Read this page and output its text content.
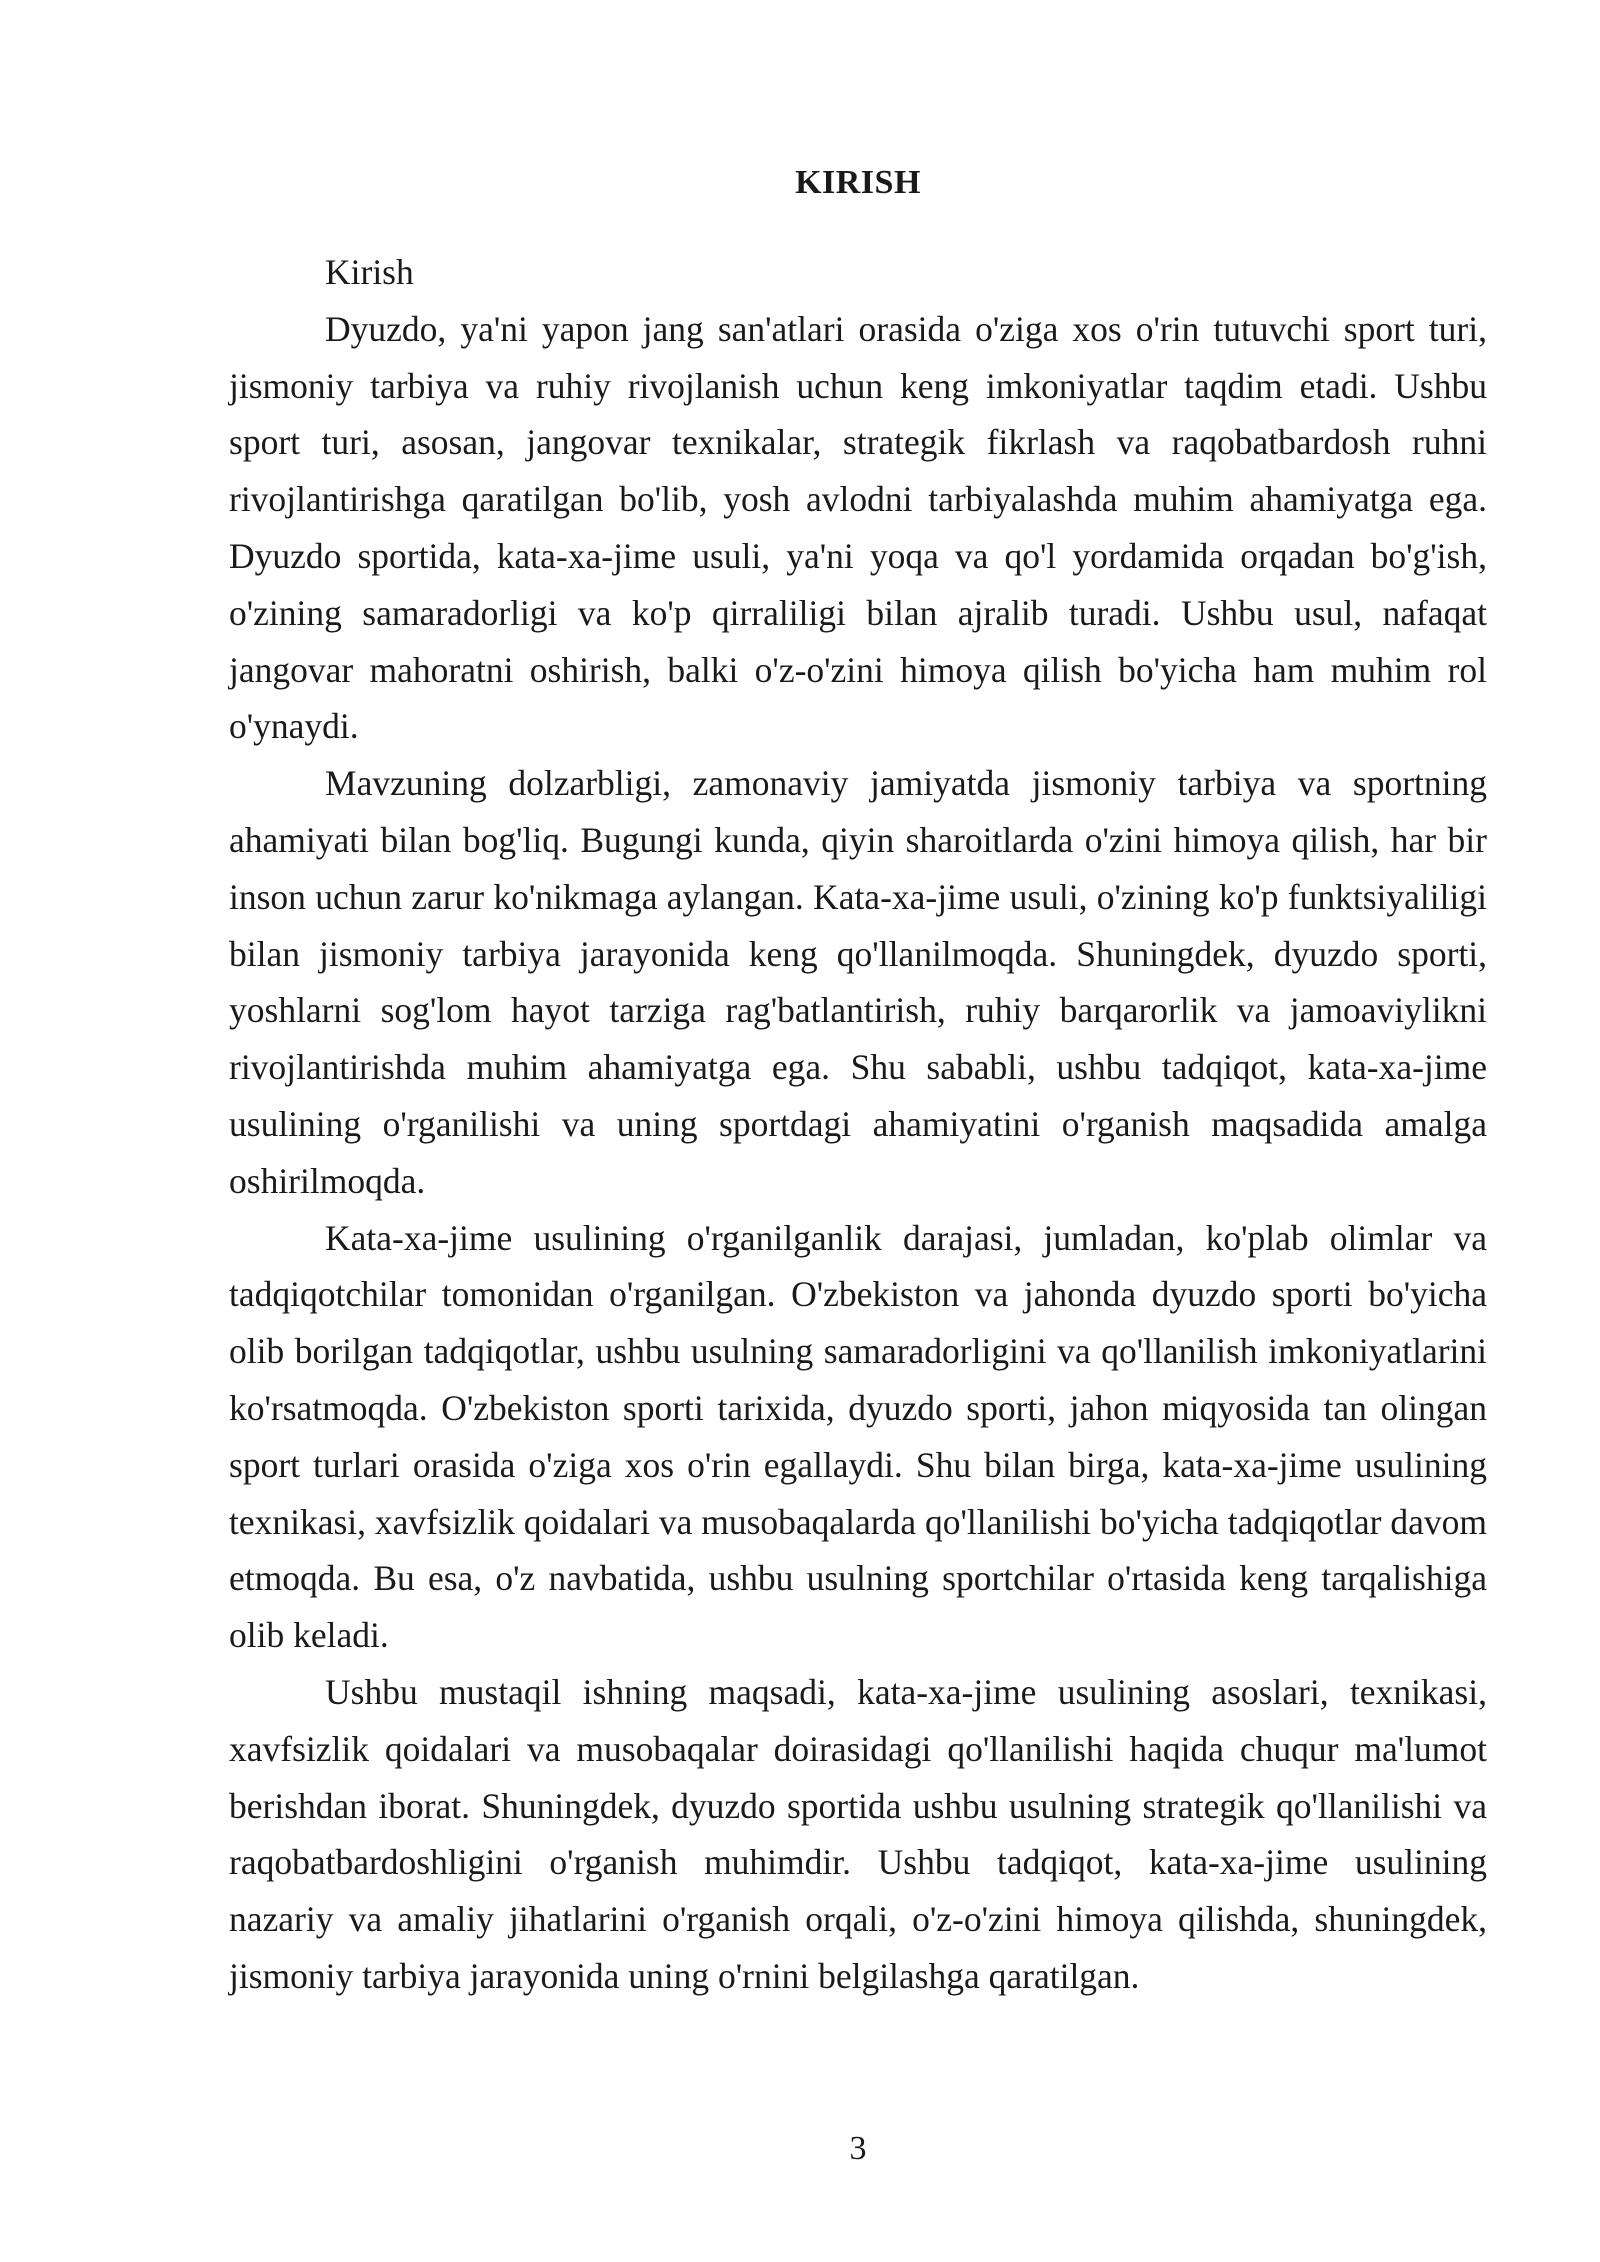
KIRISH

Kirish

Dyuzdo, ya'ni yapon jang san'atlari orasida o'ziga xos o'rin tutuvchi sport turi, jismoniy tarbiya va ruhiy rivojlanish uchun keng imkoniyatlar taqdim etadi. Ushbu sport turi, asosan, jangovar texnikalar, strategik fikrlash va raqobatbardosh ruhni rivojlantirishga qaratilgan bo'lib, yosh avlodni tarbiyalashda muhim ahamiyatga ega. Dyuzdo sportida, kata-xa-jime usuli, ya'ni yoqa va qo'l yordamida orqadan bo'g'ish, o'zining samaradorligi va ko'p qirraliligi bilan ajralib turadi. Ushbu usul, nafaqat jangovar mahoratni oshirish, balki o'z-o'zini himoya qilish bo'yicha ham muhim rol o'ynaydi.

Mavzuning dolzarbligi, zamonaviy jamiyatda jismoniy tarbiya va sportning ahamiyati bilan bog'liq. Bugungi kunda, qiyin sharoitlarda o'zini himoya qilish, har bir inson uchun zarur ko'nikmaga aylangan. Kata-xa-jime usuli, o'zining ko'p funktsiyaliligi bilan jismoniy tarbiya jarayonida keng qo'llanilmoqda. Shuningdek, dyuzdo sporti, yoshlarni sog'lom hayot tarziga rag'batlantirish, ruhiy barqarorlik va jamoaviylikni rivojlantirishda muhim ahamiyatga ega. Shu sababli, ushbu tadqiqot, kata-xa-jime usulining o'rganilishi va uning sportdagi ahamiyatini o'rganish maqsadida amalga oshirilmoqda.

Kata-xa-jime usulining o'rganilganlik darajasi, jumladan, ko'plab olimlar va tadqiqotchilar tomonidan o'rganilgan. O'zbekiston va jahonda dyuzdo sporti bo'yicha olib borilgan tadqiqotlar, ushbu usulning samaradorligini va qo'llanilish imkoniyatlarini ko'rsatmoqda. O'zbekiston sporti tarixida, dyuzdo sporti, jahon miqyosida tan olingan sport turlari orasida o'ziga xos o'rin egallaydi. Shu bilan birga, kata-xa-jime usulining texnikasi, xavfsizlik qoidalari va musobaqalarda qo'llanilishi bo'yicha tadqiqotlar davom etmoqda. Bu esa, o'z navbatida, ushbu usulning sportchilar o'rtasida keng tarqalishiga olib keladi.

Ushbu mustaqil ishning maqsadi, kata-xa-jime usulining asoslari, texnikasi, xavfsizlik qoidalari va musobaqalar doirasidagi qo'llanilishi haqida chuqur ma'lumot berishdan iborat. Shuningdek, dyuzdo sportida ushbu usulning strategik qo'llanilishi va raqobatbardoshligini o'rganish muhimdir. Ushbu tadqiqot, kata-xa-jime usulining nazariy va amaliy jihatlarini o'rganish orqali, o'z-o'zini himoya qilishda, shuningdek, jismoniy tarbiya jarayonida uning o'rnini belgilashga qaratilgan.

3
